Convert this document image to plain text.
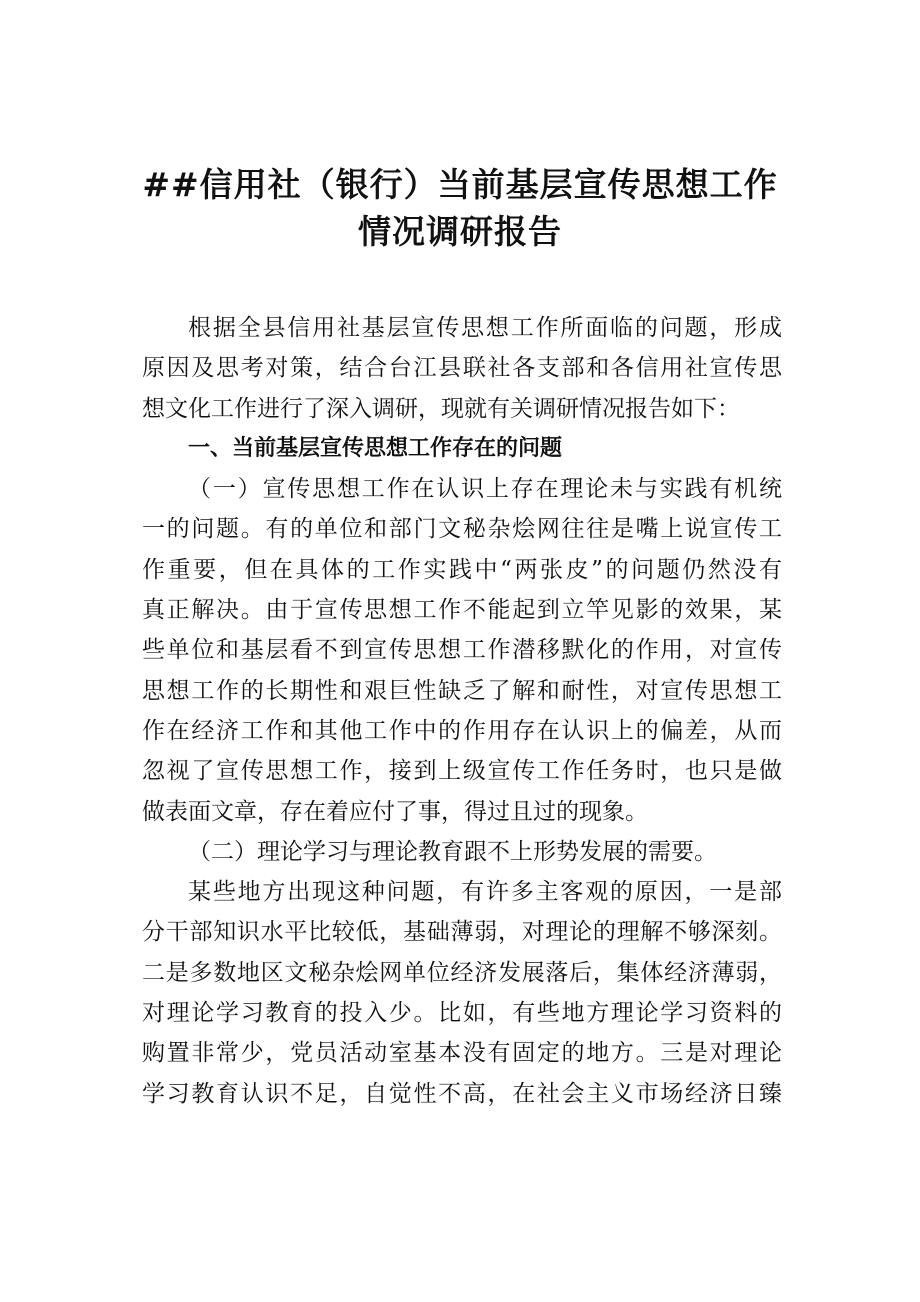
##信用社（银行）当前基层宣传思想工作
情况调研报告
根据全县信用社基层宣传思想工作所面临的问题，形成
原因及思考对策，结合台江县联社各支部和各信用社宣传思
想文化工作进行了深入调研，现就有关调研情况报告如下：
一、当前基层宣传思想工作存在的问题
（一）宣传思想工作在认识上存在理论未与实践有机统
一的问题。有的单位和部门文秘杂烩网往往是嘴上说宣传工
作重要，但在具体的工作实践中“两张皮”的问题仍然没有
真正解决。由于宣传思想工作不能起到立竿见影的效果，某
些单位和基层看不到宣传思想工作潜移默化的作用，对宣传
思想工作的长期性和艰巨性缺乏了解和耐性，对宣传思想工
作在经济工作和其他工作中的作用存在认识上的偏差，从而
忽视了宣传思想工作，接到上级宣传工作任务时，也只是做
做表面文章，存在着应付了事，得过且过的现象。
（二）理论学习与理论教育跟不上形势发展的需要。
某些地方出现这种问题，有许多主客观的原因，一是部
分干部知识水平比较低，基础薄弱，对理论的理解不够深刻。
二是多数地区文秘杂烩网单位经济发展落后，集体经济薄弱，
对理论学习教育的投入少。比如，有些地方理论学习资料的
购置非常少，党员活动室基本没有固定的地方。三是对理论
学习教育认识不足，自觉性不高，在社会主义市场经济日臻
